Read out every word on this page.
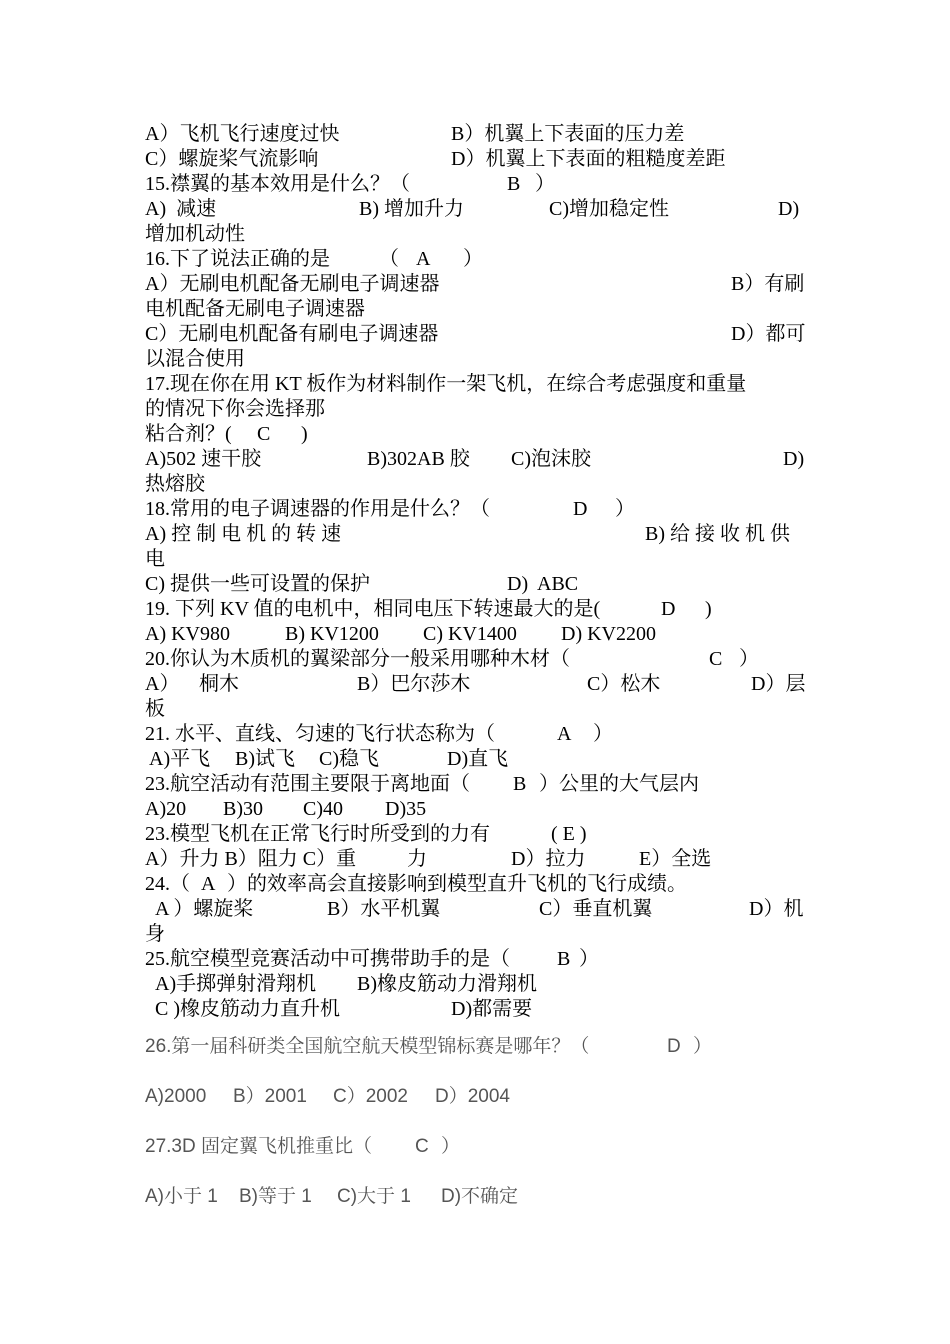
A）飞机飞行速度过快	B）机翼上下表面的压力差
C）螺旋桨气流影响	D）机翼上下表面的粗糙度差距
15.襟翼的基本效用是什么？（	B ）
A)  减速	B) 增加升力	C)增加稳定性	D)
增加机动性
16.下了说法正确的是 （ A ）
A）无刷电机配备无刷电子调速器	B）有刷
电机配备无刷电子调速器
C）无刷电机配备有刷电子调速器	D）都可
以混合使用
17.现在你在用 KT 板作为材料制作一架飞机，在综合考虑强度和重量
的情况下你会选择那
粘合剂？( C )
A)502 速干胶	B)302AB 胶 C)泡沫胶	D)
热熔胶
18.常用的电子调速器的作用是什么？（	D ）
A) 控 制 电 机 的 转 速	B) 给 接 收 机 供
电
C) 提供一些可设置的保护	D)  ABC
19. 下列 KV 值的电机中，相同电压下转速最大的是(	D )
A) KV980	B) KV1200 C) KV1400 D) KV2200
20.你认为木质机的翼梁部分一般采用哪种木材（	C ）
A） 桐木	B）巴尔莎木	C）松木	D）层
板
21. 水平、直线、匀速的飞行状态称为（	A ）
A)平飞 B)试飞 C)稳飞	D)直飞
23.航空活动有范围主要限于离地面（ B ）公里的大气层内
A)20 B)30 C)40 D)35
23.模型飞机在正常飞行时所受到的力有	( E )
A）升力 B）阻力 C）重	力	D）拉力	E）全选
24.（ A ）的效率高会直接影响到模型直升飞机的飞行成绩。
A ）螺旋桨	B）水平机翼	C）垂直机翼	D）机
身
25.航空模型竞赛活动中可携带助手的是（ B ）
A)手掷弹射滑翔机 B)橡皮筋动力滑翔机
C )橡皮筋动力直升机	D)都需要
26.第一届科研类全国航空航天模型锦标赛是哪年？（	D ）
A)2000 B）2001 C）2002 D）2004
27.3D 固定翼飞机推重比（ C ）
A)小于 1 B)等于 1 C)大于 1 D)不确定
